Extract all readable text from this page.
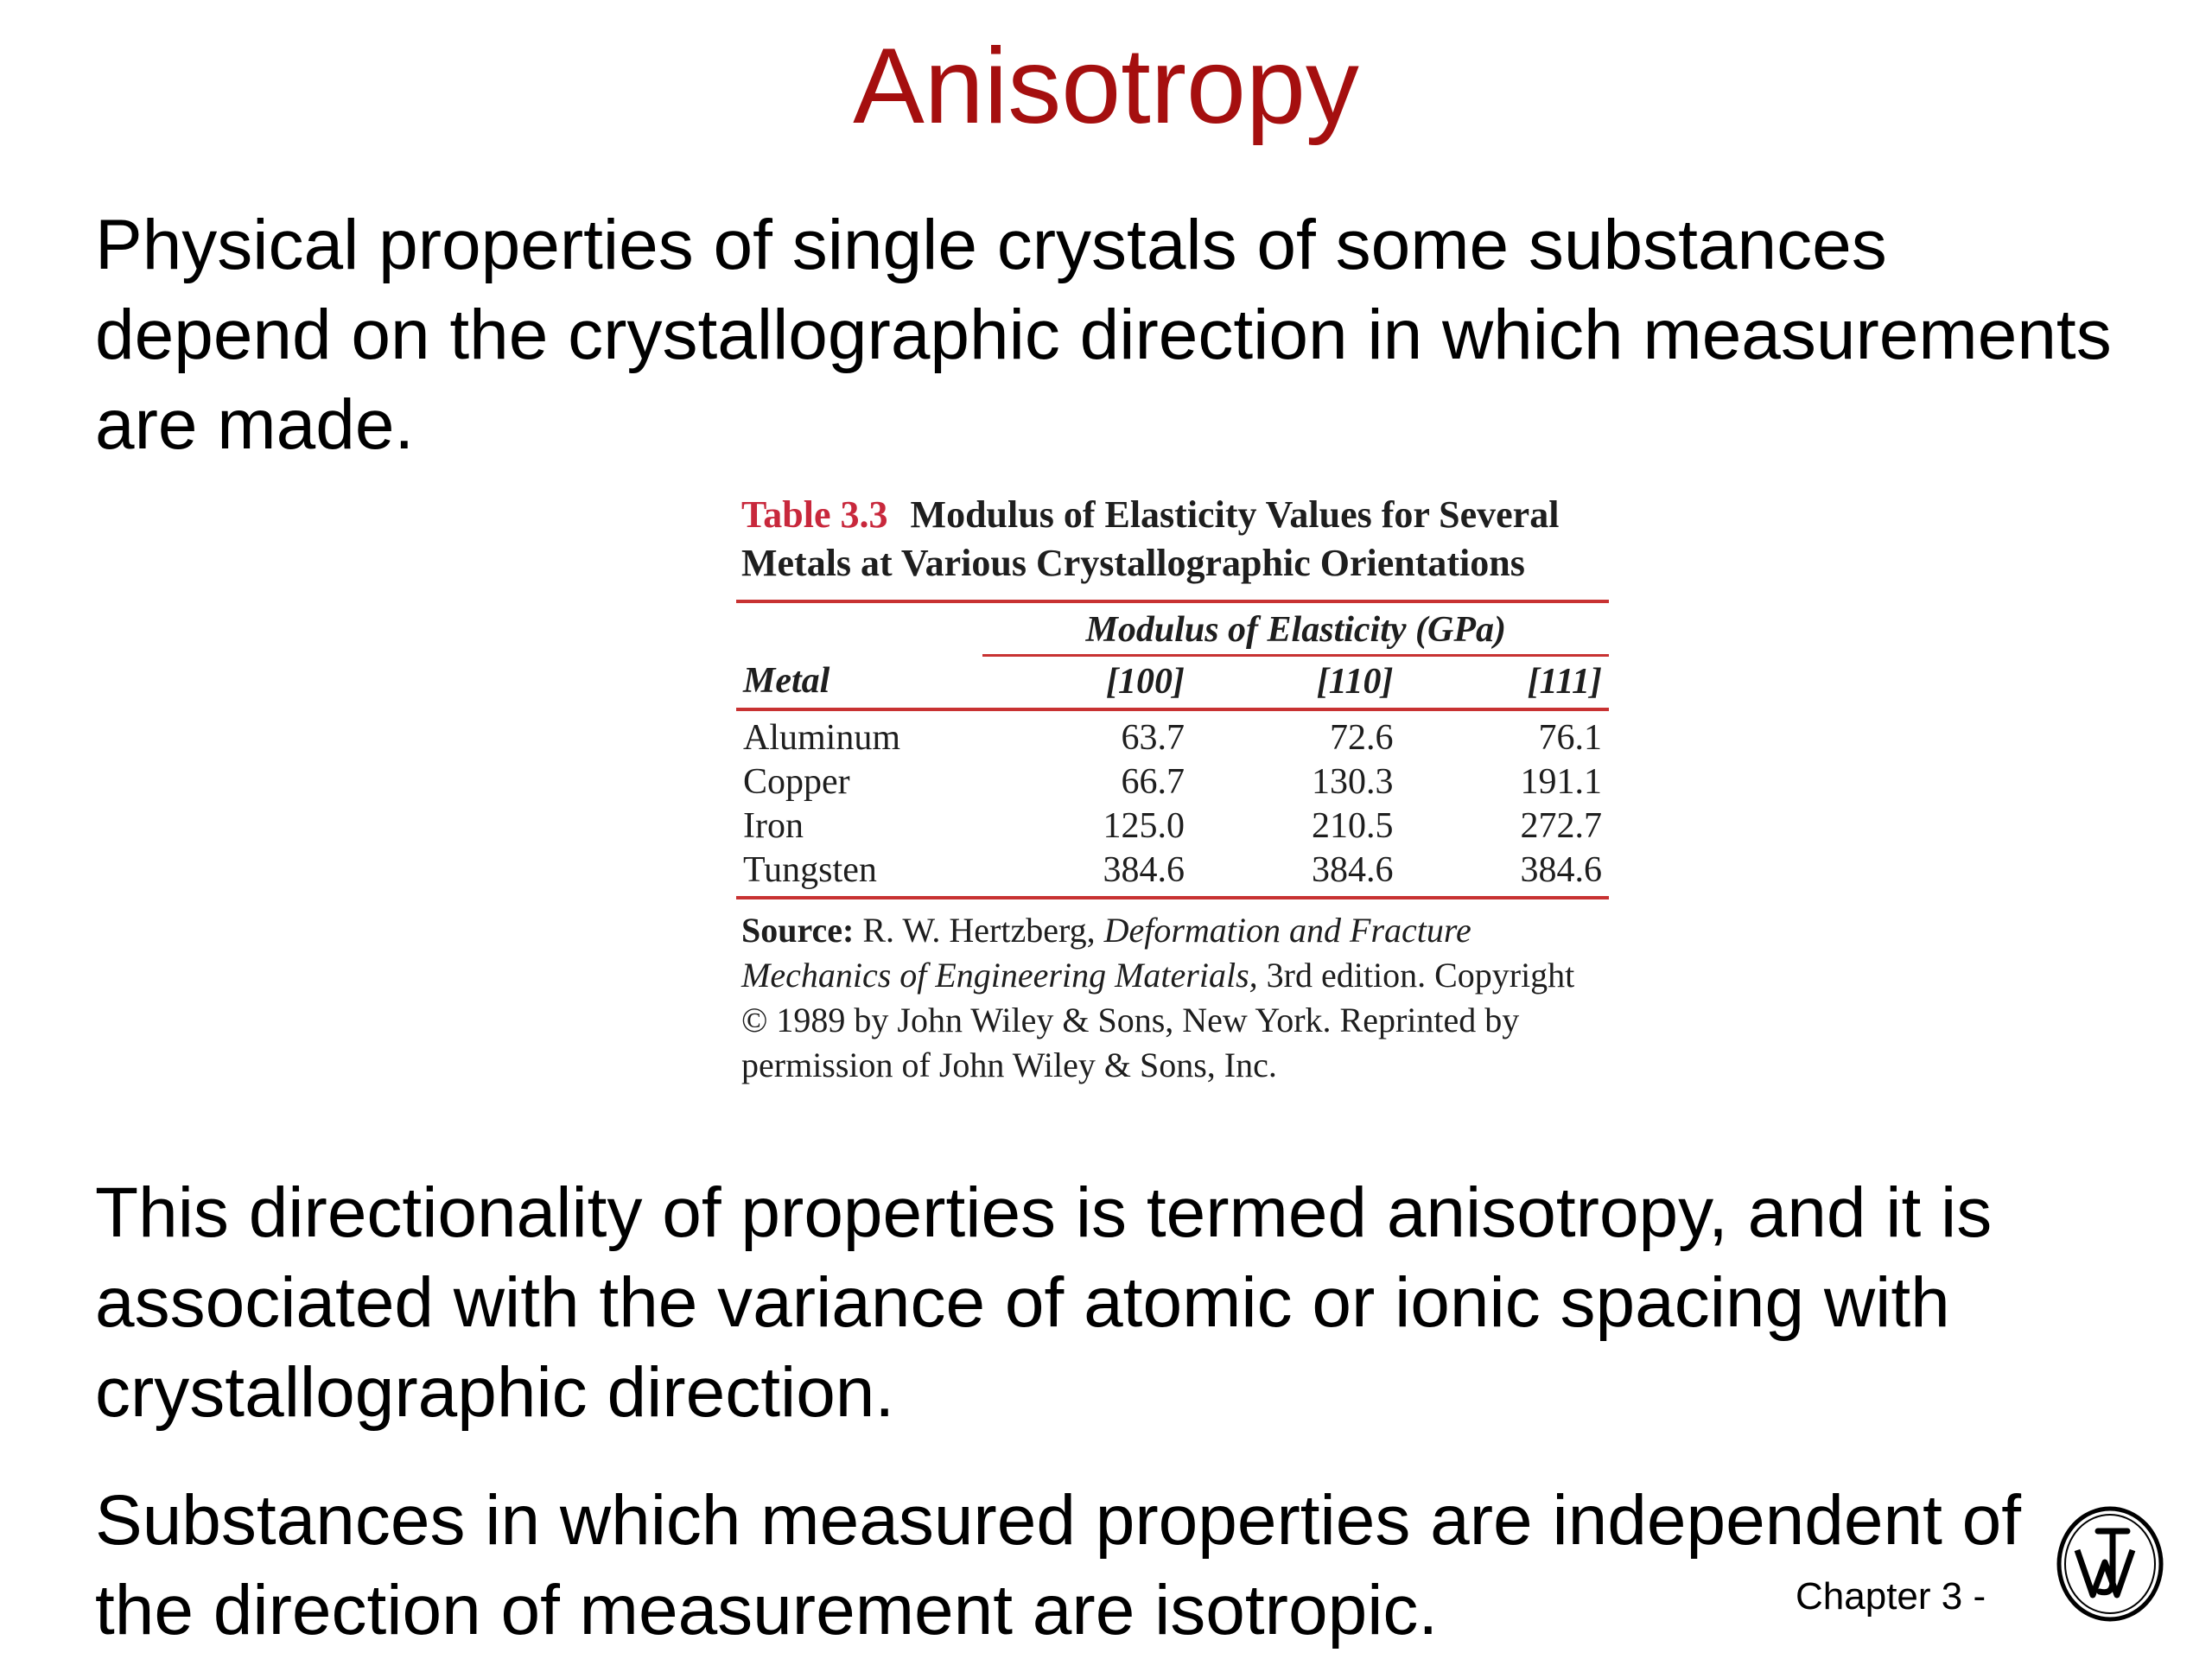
Anisotropy

Physical properties of single crystals of some substances depend on the crystallographic direction in which measurements are made.

Table 3.3 Modulus of Elasticity Values for Several Metals at Various Crystallographic Orientations
	Modulus of Elasticity (GPa)		
Metal	[100]	[110]	[111]
Aluminum	63.7	72.6	76.1
Copper	66.7	130.3	191.1
Iron	125.0	210.5	272.7
Tungsten	384.6	384.6	384.6

Source: R. W. Hertzberg, Deformation and Fracture Mechanics of Engineering Materials, 3rd edition. Copyright © 1989 by John Wiley & Sons, New York. Reprinted by permission of John Wiley & Sons, Inc.

This directionality of properties is termed anisotropy, and it is associated with the variance of atomic or ionic spacing with crystallographic direction.

Substances in which measured properties are independent of the direction of measurement are isotropic.	Chapter 3 -
